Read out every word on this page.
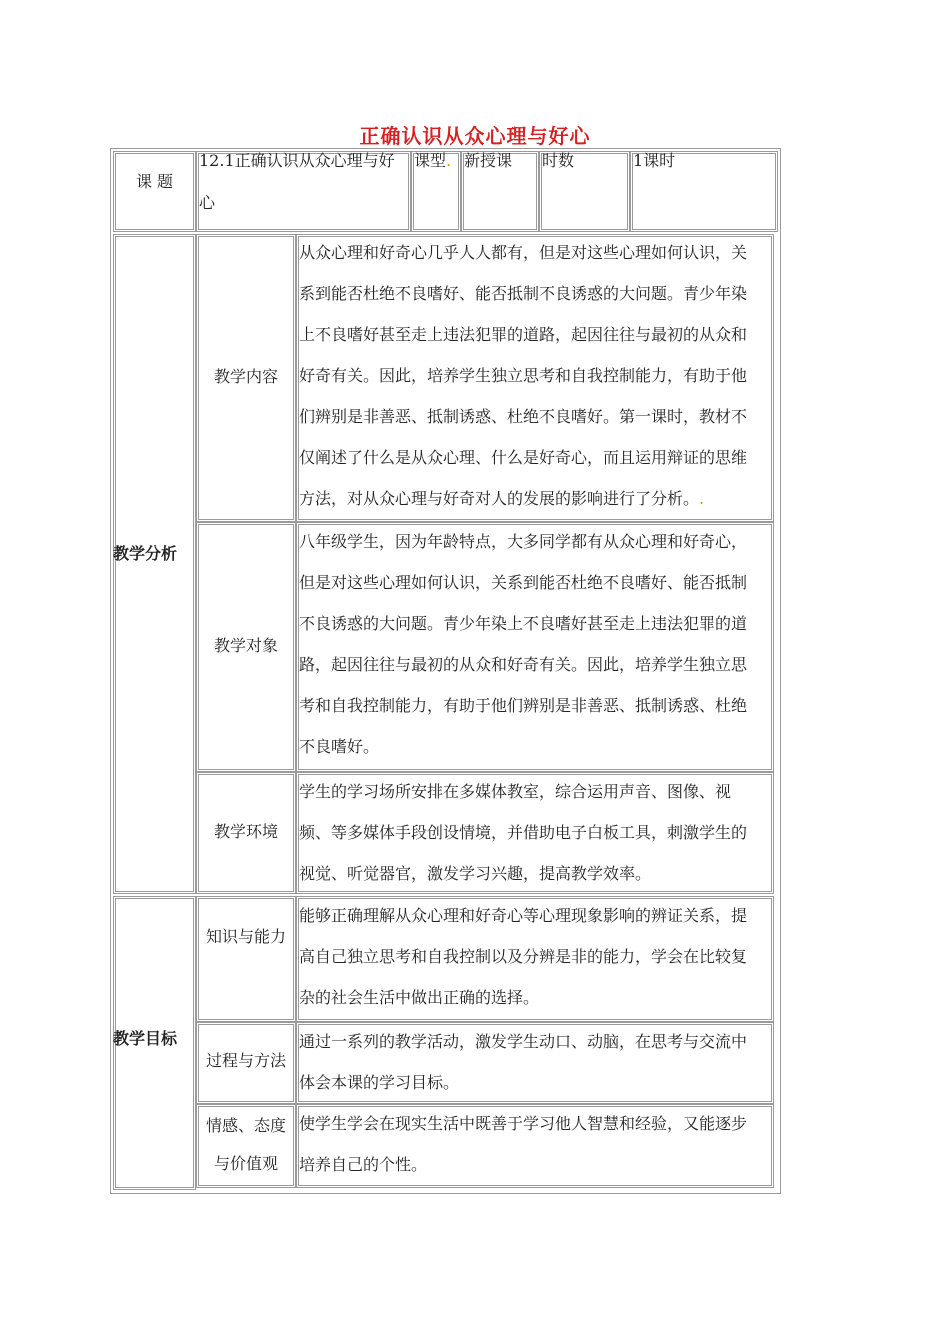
正确认识从众心理与好心
课 题
12.1正确认识从众心理与好
心
课型. 新授课 时数	1课时
教学分析
教学内容
从众心理和好奇心几乎人人都有，但是对这些心理如何认识，关
系到能否杜绝不良嗜好、能否抵制不良诱惑的大问题。青少年染
上不良嗜好甚至走上违法犯罪的道路，起因往往与最初的从众和
好奇有关。因此，培养学生独立思考和自我控制能力，有助于他
们辨别是非善恶、抵制诱惑、杜绝不良嗜好。第一课时，教材不
仅阐述了什么是从众心理、什么是好奇心，而且运用辩证的思维
方法，对从众心理与好奇对人的发展的影响进行了分析。.
教学对象
八年级学生，因为年龄特点，大多同学都有从众心理和好奇心，
但是对这些心理如何认识，关系到能否杜绝不良嗜好、能否抵制
不良诱惑的大问题。青少年染上不良嗜好甚至走上违法犯罪的道
路，起因往往与最初的从众和好奇有关。因此，培养学生独立思
考和自我控制能力，有助于他们辨别是非善恶、抵制诱惑、杜绝
不良嗜好。
教学环境
学生的学习场所安排在多媒体教室，综合运用声音、图像、视
频、等多媒体手段创设情境，并借助电子白板工具，刺激学生的
视觉、听觉器官，激发学习兴趣，提高教学效率。
教学目标
知识与能力
能够正确理解从众心理和好奇心等心理现象影响的辨证关系，提
高自己独立思考和自我控制以及分辨是非的能力，学会在比较复
杂的社会生活中做出正确的选择。
过程与方法
通过一系列的教学活动，激发学生动口、动脑，在思考与交流中
体会本课的学习目标。
情感、态度
与价值观
使学生学会在现实生活中既善于学习他人智慧和经验，又能逐步
培养自己的个性。
